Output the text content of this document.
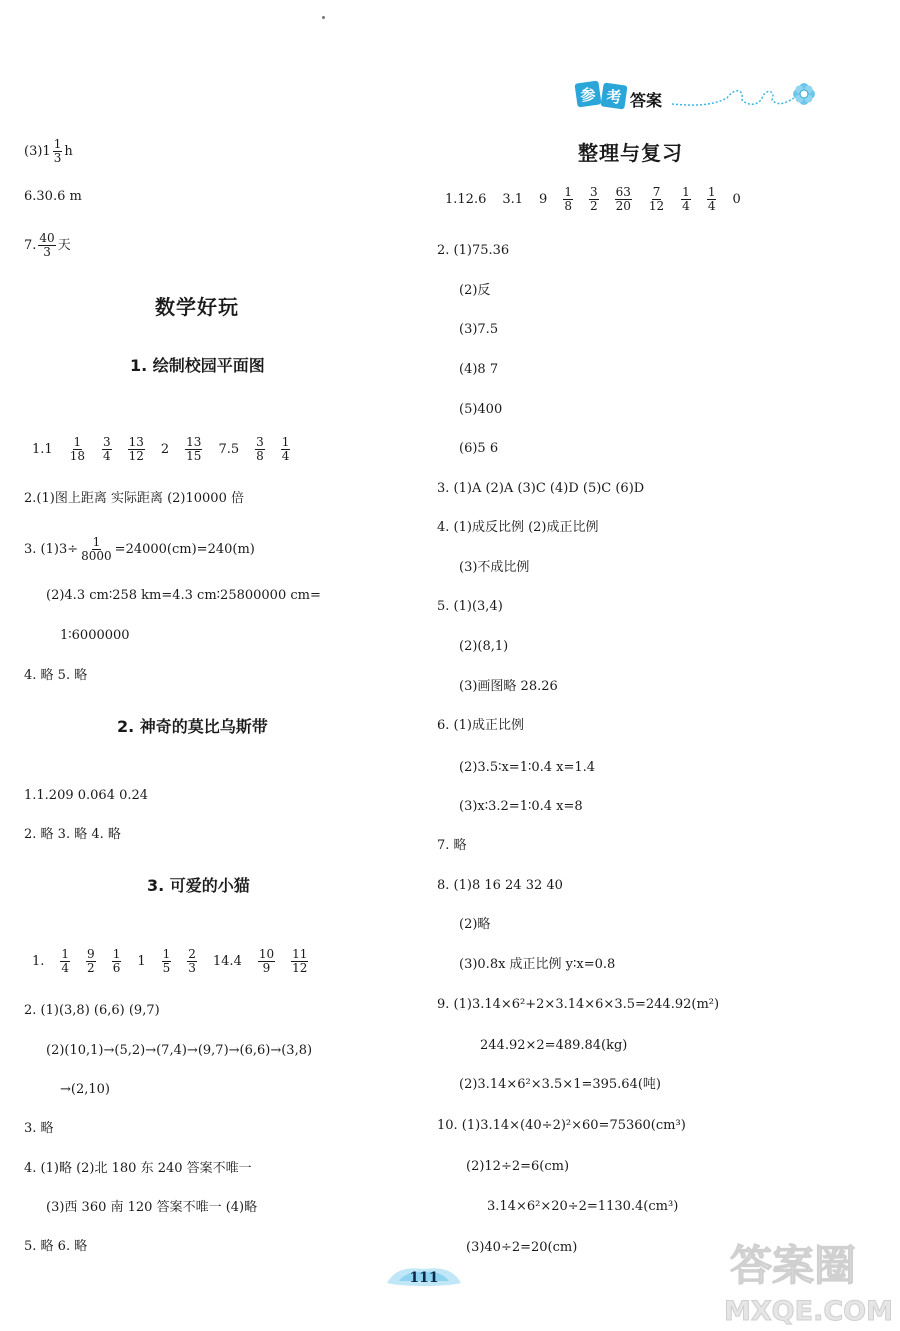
参 考 答案
$(3)1 \frac{1}{3}$ h
6.30.6 m
7. $\frac{40}{3}$ 天
数学好玩
1. 绘制校园平面图
1.1 1
18
3
4
13
12 2 13
15 7.5 3
8
1
4
2.(1)图上距离 实际距离 (2)10000 倍
3. $(1)3\div \frac{1}{8000} =24000(cm)=240(m)$
(2)4.3 cm∶258 km=4.3 cm∶25800000 cm=
1∶6000000
4. 略 5. 略
2. 神奇的莫比乌斯带
1.1.209 0.064 0.24
2. 略 3. 略 4. 略
3. 可爱的小猫
1. 1
4
9
2
1
6 1 1
5
2
3 14.4 10
9
11
12
2. (1)(3,8) (6,6) (9,7)
(2)(10,1)→(5,2)→(7,4)→(9,7)→(6,6)→(3,8)
→(2,10)
3. 略
4. (1)略 (2)北 180 东 240 答案不唯一
(3)西 360 南 120 答案不唯一 (4)略
5. 略 6. 略
整理与复习
1.12.6 3.1 9 1
8
3
2
63
20
7
12
1
4
1
4 0
2. (1)75.36
(2)反
(3)7.5
(4)8 7
(5)400
(6)5 6
3. (1)A (2)A (3)C (4)D (5)C (6)D
4. (1)成反比例 (2)成正比例
(3)不成比例
5. (1)(3,4)
(2)(8,1)
(3)画图略 28.26
6. (1)成正比例
(2)3.5∶x=1∶0.4 x=1.4
(3)x∶3.2=1∶0.4 x=8
7. 略
8. (1)8 16 24 32 40
(2)略
(3)0.8x 成正比例 y∶x=0.8
9. (1)3.14×6²+2×3.14×6×3.5=244.92(m²)
244.92×2=489.84(kg)
(2)3.14×6²×3.5×1=395.64(吨)
10. (1)3.14×(40÷2)²×60=75360(cm³)
(2)12÷2=6(cm)
3.14×6²×20÷2=1130.4(cm³)
(3)40÷2=20(cm)
111	答案圈
MXQE.COM
